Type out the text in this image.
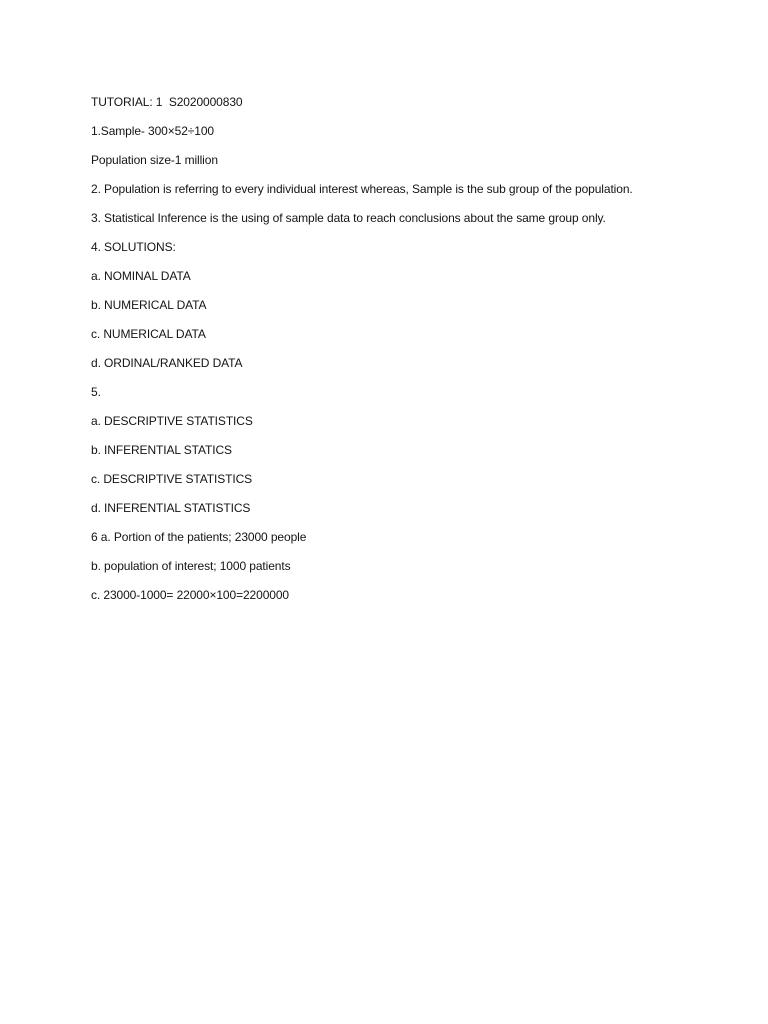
TUTORIAL: 1  S2020000830

1.Sample- 300×52÷100

Population size-1 million

2. Population is referring to every individual interest whereas, Sample is the sub group of the population.

3. Statistical Inference is the using of sample data to reach conclusions about the same group only.

4. SOLUTIONS:

a. NOMINAL DATA

b. NUMERICAL DATA

c. NUMERICAL DATA

d. ORDINAL/RANKED DATA

5.

a. DESCRIPTIVE STATISTICS

b. INFERENTIAL STATICS

c. DESCRIPTIVE STATISTICS

d. INFERENTIAL STATISTICS

6 a. Portion of the patients; 23000 people

b. population of interest; 1000 patients

c. 23000-1000= 22000×100=2200000
